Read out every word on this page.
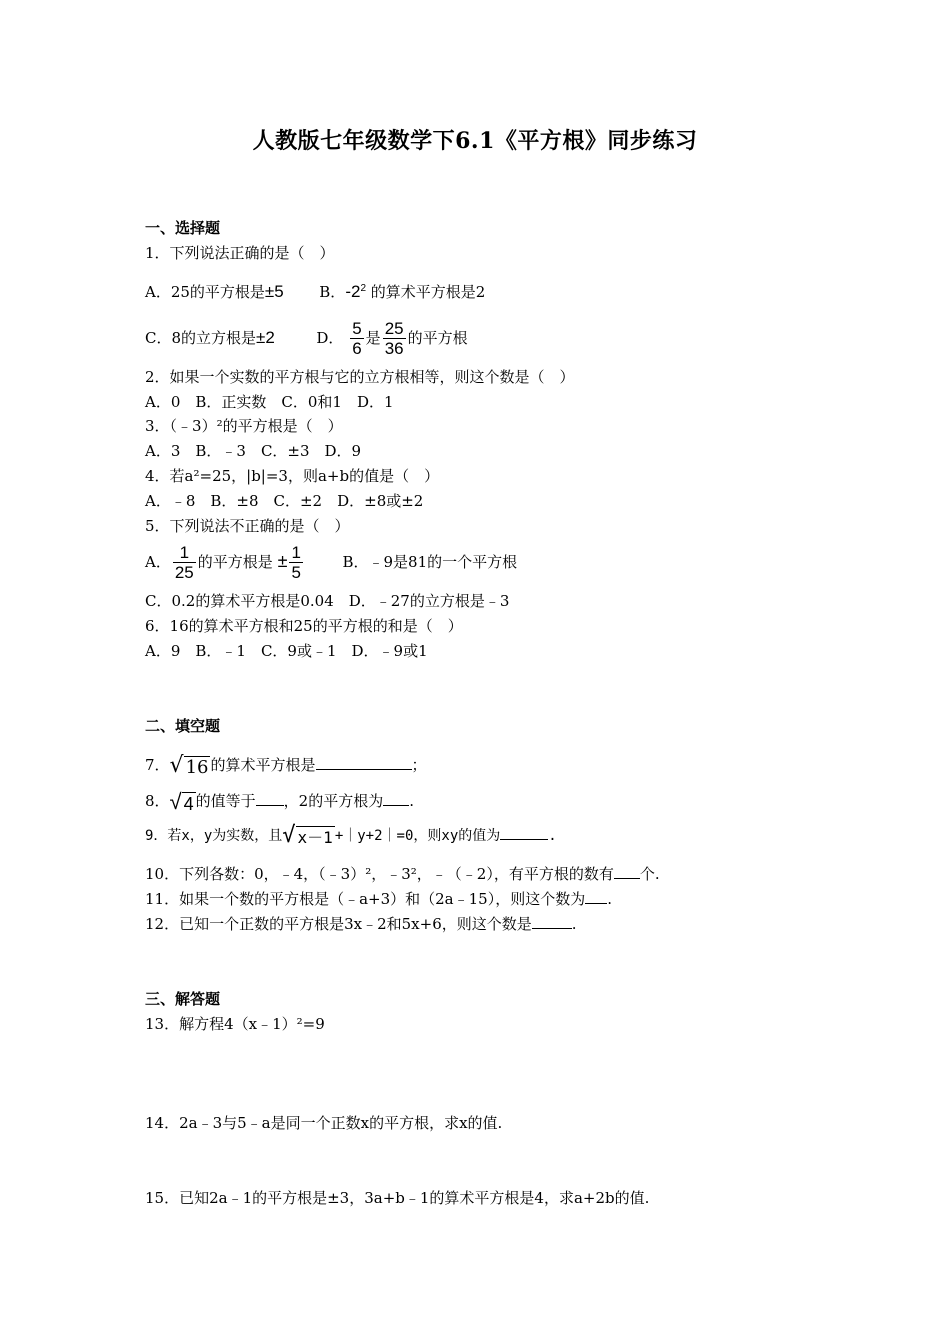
人教版七年级数学下6.1《平方根》同步练习
一、选择题
1．下列说法正确的是（　）
A．25的平方根是±5 B．$-2^2$ 的算术平方根是2
C．8的立方根是±2	D． $\frac{5}{6}$ 是 $\frac{25}{36}$ 的平方根
2．如果一个实数的平方根与它的立方根相等，则这个数是（　）
A．0　B．正实数　C．0和1　D．1
3．（﹣3）²的平方根是（　）
A．3　B．﹣3　C．±3　D．9
4．若a²=25，|b|=3，则a+b的值是（　）
A．﹣8　B．±8　C．±2　D．±8或±2
5．下列说法不正确的是（　）
A． $\frac{1}{25}$ 的平方根是 ± $\frac{1}{5}$	B．﹣9是81的一个平方根
C．0.2的算术平方根是0.04　D．﹣27的立方根是﹣3
6．16的算术平方根和25的平方根的和是（　）
A．9　B．﹣1　C．9或﹣1　D．﹣9或1
二、填空题
7． √ 16 的算术平方根是	；
8． √ 4 的值等于 ，2的平方根为 .
9．若x，y为实数，且 √ x－1 +｜y+2｜=0，则xy的值为	.
10．下列各数：0，﹣4，（﹣3）²，﹣3²，﹣（﹣2），有平方根的数有 个.
11．如果一个数的平方根是（﹣a+3）和（2a﹣15），则这个数为 .
12．已知一个正数的平方根是3x﹣2和5x+6，则这个数是	.
三、解答题
13．解方程4（x﹣1）²=9
14．2a﹣3与5﹣a是同一个正数x的平方根，求x的值.
15．已知2a﹣1的平方根是±3，3a+b﹣1的算术平方根是4，求a+2b的值.
